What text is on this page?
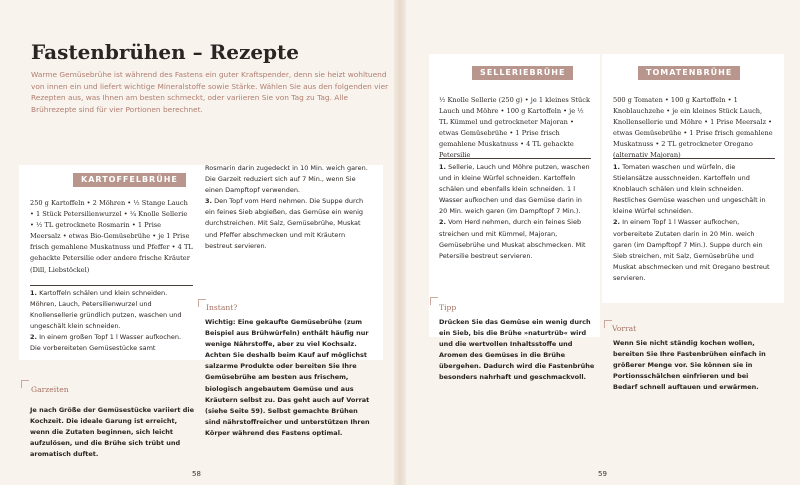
Fastenbrühen – Rezepte

Warme Gemüsebrühe ist während des Fastens ein guter Kraftspender, denn sie heizt wohltuend von innen ein und liefert wichtige Mineralstoffe sowie Stärke. Wählen Sie aus den folgenden vier Rezepten aus, was Ihnen am besten schmeckt, oder variieren Sie von Tag zu Tag. Alle Brührezepte sind für vier Portionen berechnet.

KARTOFFELBRÜHE

250 g Kartoffeln • 2 Möhren • ½ Stange Lauch • 1 Stück Petersilienwurzel • ¼ Knolle Sellerie • ½ TL getrocknete Rosmarin • 1 Prise Meersalz • etwas Bio-Gemüsebrühe • je 1 Prise frisch gemahlene Muskatnuss und Pfeffer • 4 TL gehackte Petersilie oder andere frische Kräuter (Dill, Liebstöckel)

1. Kartoffeln schälen und klein schneiden. Möhren, Lauch, Petersilienwurzel und Knollensellerie gründlich putzen, waschen und ungeschält klein schneiden.
2. In einem großen Topf 1 l Wasser aufkochen. Die vorbereiteten Gemüsestücke samt

Rosmarin darin zugedeckt in 10 Min. weich garen. Die Garzeit reduziert sich auf 7 Min., wenn Sie einen Dampftopf verwenden.
3. Den Topf vom Herd nehmen. Die Suppe durch ein feines Sieb abgießen, das Gemüse ein wenig durchstreichen. Mit Salz, Gemüsebrühe, Muskat und Pfeffer abschmecken und mit Kräutern bestreut servieren.

Garzeiten

Je nach Größe der Gemüsestücke variiert die Kochzeit. Die ideale Garung ist erreicht, wenn die Zutaten beginnen, sich leicht aufzulösen, und die Brühe sich trübt und aromatisch duftet.

Instant?

Wichtig: Eine gekaufte Gemüsebrühe (zum Beispiel aus Brühwürfeln) enthält häufig nur wenige Nährstoffe, aber zu viel Kochsalz. Achten Sie deshalb beim Kauf auf möglichst salzarme Produkte oder bereiten Sie Ihre Gemüsebrühe am besten aus frischem, biologisch angebautem Gemüse und aus Kräutern selbst zu. Das geht auch auf Vorrat (siehe Seite 59). Selbst gemachte Brühen sind nährstoffreicher und unterstützen Ihren Körper während des Fastens optimal.

58
SELLERIEBRÜHE

½ Knolle Sellerie (250 g) • je 1 kleines Stück Lauch und Möhre • 100 g Kartoffeln • je ½ TL Kümmel und getrockneter Majoran • etwas Gemüsebrühe • 1 Prise frisch gemahlene Muskatnuss • 4 TL gehackte Petersilie

1. Sellerie, Lauch und Möhre putzen, waschen und in kleine Würfel schneiden. Kartoffeln schälen und ebenfalls klein schneiden. 1 l Wasser aufkochen und das Gemüse darin in 20 Min. weich garen (im Dampftopf 7 Min.).
2. Vom Herd nehmen, durch ein feines Sieb streichen und mit Kümmel, Majoran, Gemüsebrühe und Muskat abschmecken. Mit Petersilie bestreut servieren.

TOMATENBRÜHE

500 g Tomaten • 100 g Kartoffeln • 1 Knoblauchzehe • je ein kleines Stück Lauch, Knollensellerie und Möhre • 1 Prise Meersalz • etwas Gemüsebrühe • 1 Prise frisch gemahlene Muskatnuss • 2 TL getrockneter Oregano (alternativ Majoran)

1. Tomaten waschen und würfeln, die Stielansätze ausschneiden. Kartoffeln und Knoblauch schälen und klein schneiden. Restliches Gemüse waschen und ungeschält in kleine Würfel schneiden.
2. In einem Topf 1 l Wasser aufkochen, vorbereitete Zutaten darin in 20 Min. weich garen (im Dampftopf 7 Min.). Suppe durch ein Sieb streichen, mit Salz, Gemüsebrühe und Muskat abschmecken und mit Oregano bestreut servieren.

Tipp

Drücken Sie das Gemüse ein wenig durch ein Sieb, bis die Brühe »naturtrüb« wird und die wertvollen Inhaltsstoffe und Aromen des Gemüses in die Brühe übergehen. Dadurch wird die Fastenbrühe besonders nahrhaft und geschmackvoll.

Vorrat

Wenn Sie nicht ständig kochen wollen, bereiten Sie Ihre Fastenbrühen einfach in größerer Menge vor. Sie können sie in Portionsschälchen einfrieren und bei Bedarf schnell auftauen und erwärmen.

59
